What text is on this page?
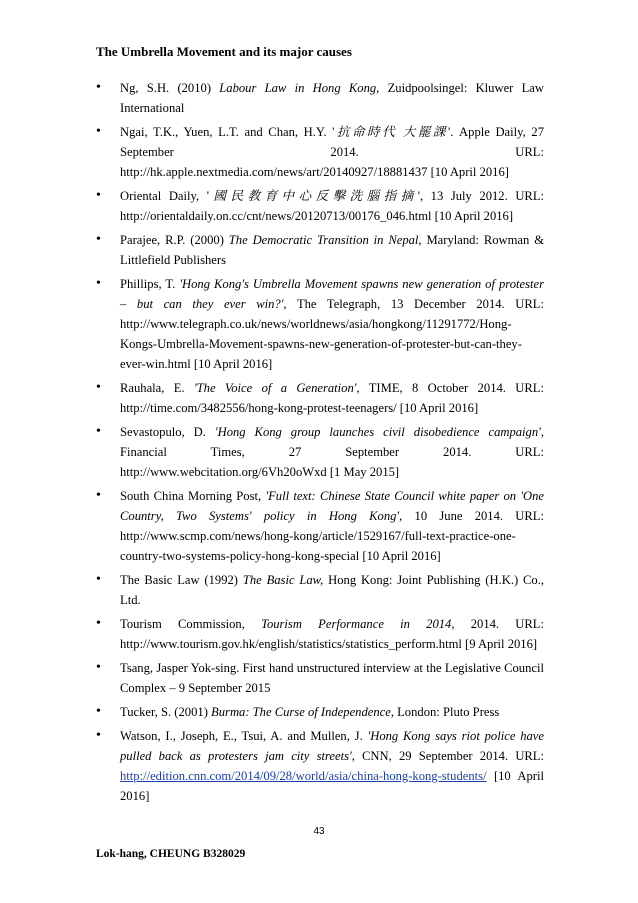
The Umbrella Movement and its major causes
• Ng, S.H. (2010) Labour Law in Hong Kong, Zuidpoolsingel: Kluwer Law International
• Ngai, T.K., Yuen, L.T. and Chan, H.Y. '抗命時代 大罷課'. Apple Daily, 27 September 2014. URL: http://hk.apple.nextmedia.com/news/art/20140927/18881437 [10 April 2016]
• Oriental Daily, '國民教育中心反擊洗腦指摘', 13 July 2012. URL: http://orientaldaily.on.cc/cnt/news/20120713/00176_046.html [10 April 2016]
• Parajee, R.P. (2000) The Democratic Transition in Nepal, Maryland: Rowman & Littlefield Publishers
• Phillips, T. 'Hong Kong's Umbrella Movement spawns new generation of protester – but can they ever win?', The Telegraph, 13 December 2014. URL: http://www.telegraph.co.uk/news/worldnews/asia/hongkong/11291772/Hong-Kongs-Umbrella-Movement-spawns-new-generation-of-protester-but-can-they-ever-win.html [10 April 2016]
• Rauhala, E. 'The Voice of a Generation', TIME, 8 October 2014. URL: http://time.com/3482556/hong-kong-protest-teenagers/ [10 April 2016]
• Sevastopulo, D. 'Hong Kong group launches civil disobedience campaign', Financial Times, 27 September 2014. URL: http://www.webcitation.org/6Vh20oWxd [1 May 2015]
• South China Morning Post, 'Full text: Chinese State Council white paper on 'One Country, Two Systems' policy in Hong Kong', 10 June 2014. URL: http://www.scmp.com/news/hong-kong/article/1529167/full-text-practice-one-country-two-systems-policy-hong-kong-special [10 April 2016]
• The Basic Law (1992) The Basic Law, Hong Kong: Joint Publishing (H.K.) Co., Ltd.
• Tourism Commission, Tourism Performance in 2014, 2014. URL: http://www.tourism.gov.hk/english/statistics/statistics_perform.html [9 April 2016]
• Tsang, Jasper Yok-sing. First hand unstructured interview at the Legislative Council Complex – 9 September 2015
• Tucker, S. (2001) Burma: The Curse of Independence, London: Pluto Press
• Watson, I., Joseph, E., Tsui, A. and Mullen, J. 'Hong Kong says riot police have pulled back as protesters jam city streets', CNN, 29 September 2014. URL: http://edition.cnn.com/2014/09/28/world/asia/china-hong-kong-students/ [10 April 2016]
43
Lok-hang, CHEUNG B328029
